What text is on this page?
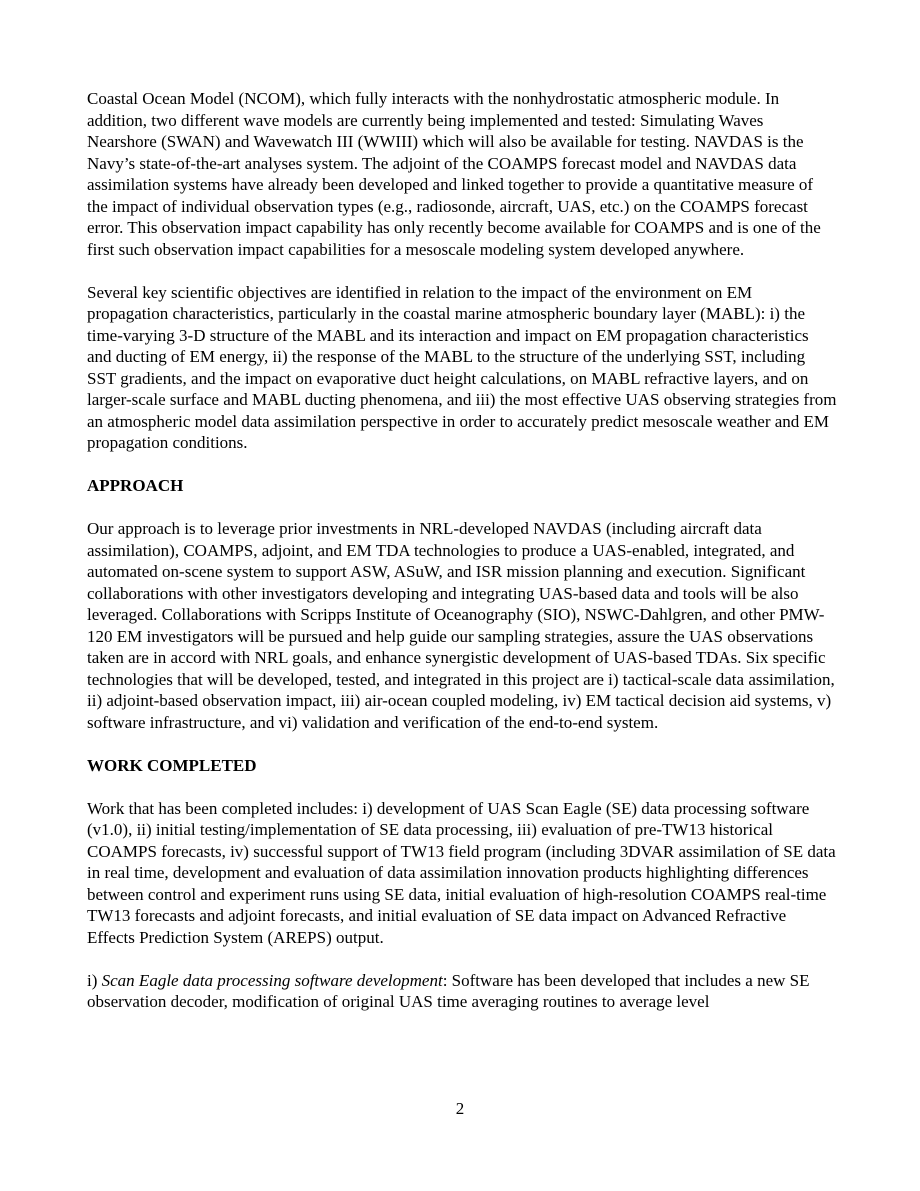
Coastal Ocean Model (NCOM), which fully interacts with the nonhydrostatic atmospheric module. In addition, two different wave models are currently being implemented and tested: Simulating Waves Nearshore (SWAN) and Wavewatch III (WWIII) which will also be available for testing. NAVDAS is the Navy’s state-of-the-art analyses system. The adjoint of the COAMPS forecast model and NAVDAS data assimilation systems have already been developed and linked together to provide a quantitative measure of the impact of individual observation types (e.g., radiosonde, aircraft, UAS, etc.) on the COAMPS forecast error. This observation impact capability has only recently become available for COAMPS and is one of the first such observation impact capabilities for a mesoscale modeling system developed anywhere.

Several key scientific objectives are identified in relation to the impact of the environment on EM propagation characteristics, particularly in the coastal marine atmospheric boundary layer (MABL): i) the time-varying 3-D structure of the MABL and its interaction and impact on EM propagation characteristics and ducting of EM energy, ii) the response of the MABL to the structure of the underlying SST, including SST gradients, and the impact on evaporative duct height calculations, on MABL refractive layers, and on larger-scale surface and MABL ducting phenomena, and iii) the most effective UAS observing strategies from an atmospheric model data assimilation perspective in order to accurately predict mesoscale weather and EM propagation conditions.

APPROACH

Our approach is to leverage prior investments in NRL-developed NAVDAS (including aircraft data assimilation), COAMPS, adjoint, and EM TDA technologies to produce a UAS-enabled, integrated, and automated on-scene system to support ASW, ASuW, and ISR mission planning and execution. Significant collaborations with other investigators developing and integrating UAS-based data and tools will be also leveraged. Collaborations with Scripps Institute of Oceanography (SIO), NSWC-Dahlgren, and other PMW-120 EM investigators will be pursued and help guide our sampling strategies, assure the UAS observations taken are in accord with NRL goals, and enhance synergistic development of UAS-based TDAs. Six specific technologies that will be developed, tested, and integrated in this project are i) tactical-scale data assimilation, ii) adjoint-based observation impact, iii) air-ocean coupled modeling, iv) EM tactical decision aid systems, v) software infrastructure, and vi) validation and verification of the end-to-end system.

WORK COMPLETED

Work that has been completed includes: i) development of UAS Scan Eagle (SE) data processing software (v1.0), ii) initial testing/implementation of SE data processing, iii) evaluation of pre-TW13 historical COAMPS forecasts, iv) successful support of TW13 field program (including 3DVAR assimilation of SE data in real time, development and evaluation of data assimilation innovation products highlighting differences between control and experiment runs using SE data, initial evaluation of high-resolution COAMPS real-time TW13 forecasts and adjoint forecasts, and initial evaluation of SE data impact on Advanced Refractive Effects Prediction System (AREPS) output.

i) Scan Eagle data processing software development: Software has been developed that includes a new SE observation decoder, modification of original UAS time averaging routines to average level

2
